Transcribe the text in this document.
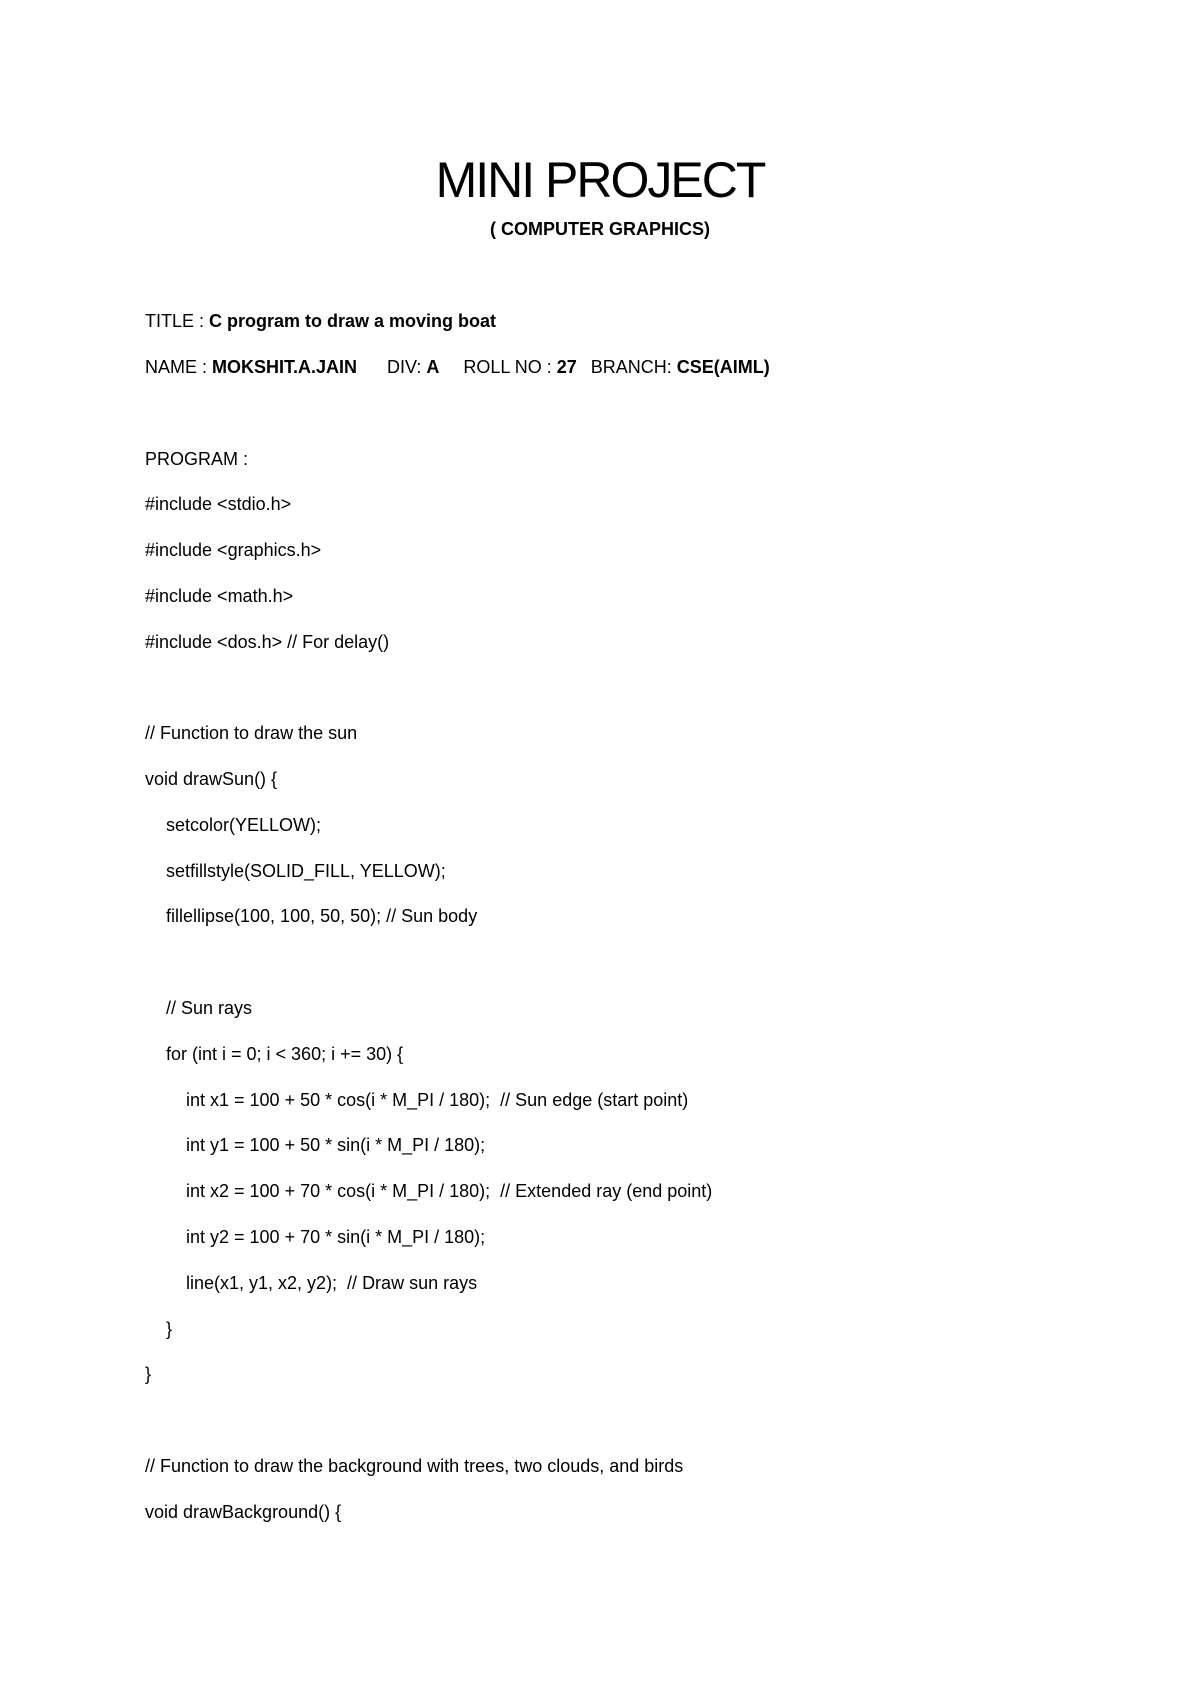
MINI PROJECT
( COMPUTER GRAPHICS)
TITLE : C program to draw a moving boat
NAME : MOKSHIT.A.JAIN DIV: A ROLL NO : 27 BRANCH: CSE(AIML)
PROGRAM :
#include <stdio.h>
#include <graphics.h>
#include <math.h>
#include <dos.h> // For delay()
// Function to draw the sun
void drawSun() {
setcolor(YELLOW);
setfillstyle(SOLID_FILL, YELLOW);
fillellipse(100, 100, 50, 50); // Sun body
// Sun rays
for (int i = 0; i < 360; i += 30) {
int x1 = 100 + 50 * cos(i * M_PI / 180);  // Sun edge (start point)
int y1 = 100 + 50 * sin(i * M_PI / 180);
int x2 = 100 + 70 * cos(i * M_PI / 180);  // Extended ray (end point)
int y2 = 100 + 70 * sin(i * M_PI / 180);
line(x1, y1, x2, y2);  // Draw sun rays
}
}
// Function to draw the background with trees, two clouds, and birds
void drawBackground() {
